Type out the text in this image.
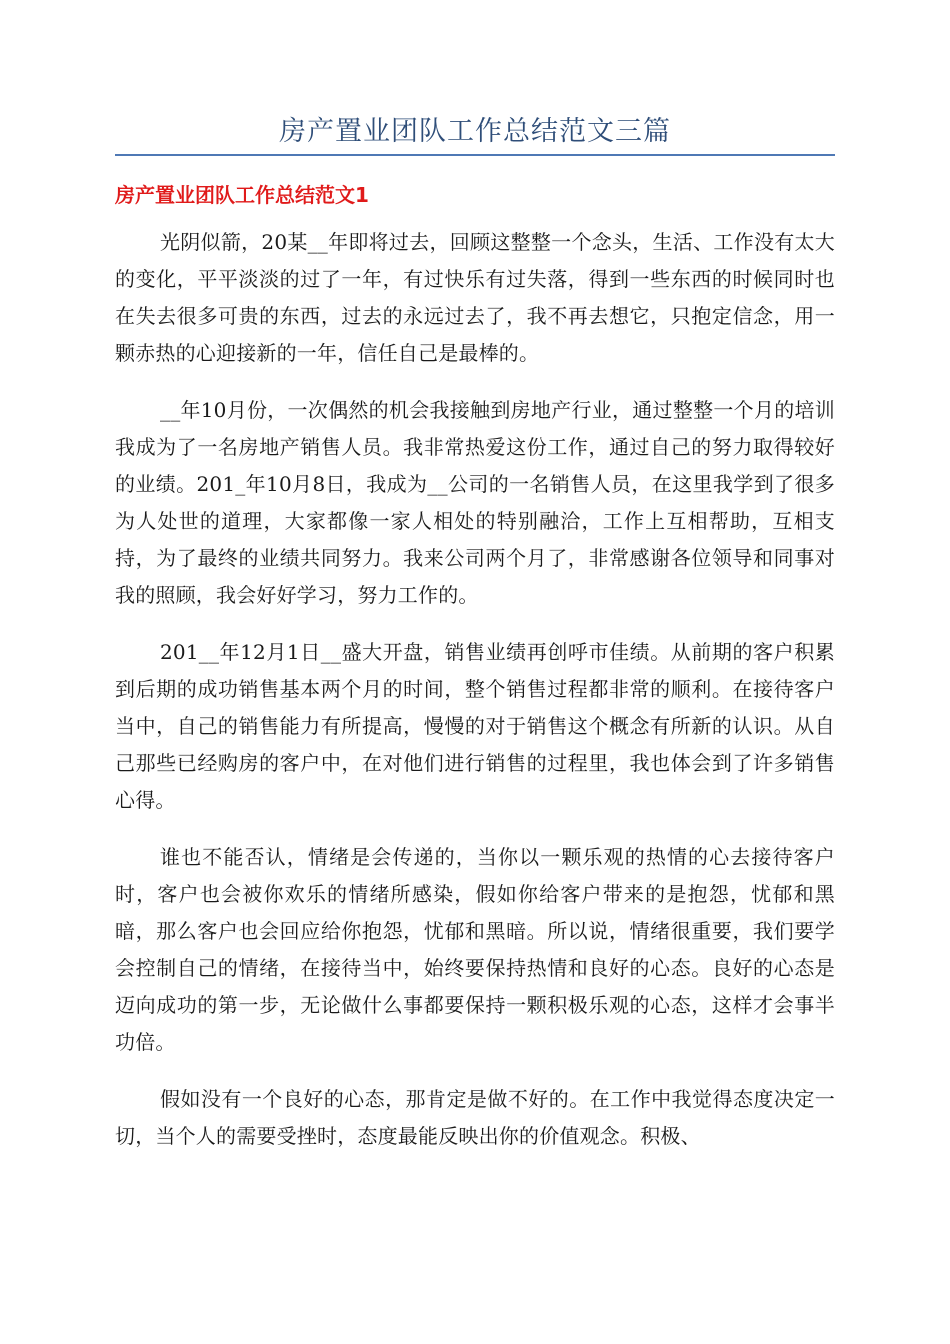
房产置业团队工作总结范文三篇
房产置业团队工作总结范文1

光阴似箭，20某__年即将过去，回顾这整整一个念头，生活、工作没有太大的变化，平平淡淡的过了一年，有过快乐有过失落，得到一些东西的时候同时也在失去很多可贵的东西，过去的永远过去了，我不再去想它，只抱定信念，用一颗赤热的心迎接新的一年，信任自己是最棒的。

__年10月份，一次偶然的机会我接触到房地产行业，通过整整一个月的培训我成为了一名房地产销售人员。我非常热爱这份工作，通过自己的努力取得较好的业绩。201_年10月8日，我成为__公司的一名销售人员，在这里我学到了很多为人处世的道理，大家都像一家人相处的特别融洽，工作上互相帮助，互相支持，为了最终的业绩共同努力。我来公司两个月了，非常感谢各位领导和同事对我的照顾，我会好好学习，努力工作的。

201__年12月1日__盛大开盘，销售业绩再创呼市佳绩。从前期的客户积累到后期的成功销售基本两个月的时间，整个销售过程都非常的顺利。在接待客户当中，自己的销售能力有所提高，慢慢的对于销售这个概念有所新的认识。从自己那些已经购房的客户中，在对他们进行销售的过程里，我也体会到了许多销售心得。

谁也不能否认，情绪是会传递的，当你以一颗乐观的热情的心去接待客户时，客户也会被你欢乐的情绪所感染，假如你给客户带来的是抱怨，忧郁和黑暗，那么客户也会回应给你抱怨，忧郁和黑暗。所以说，情绪很重要，我们要学会控制自己的情绪，在接待当中，始终要保持热情和良好的心态。良好的心态是迈向成功的第一步，无论做什么事都要保持一颗积极乐观的心态，这样才会事半功倍。

假如没有一个良好的心态，那肯定是做不好的。在工作中我觉得态度决定一切，当个人的需要受挫时，态度最能反映出你的价值观念。积极、
